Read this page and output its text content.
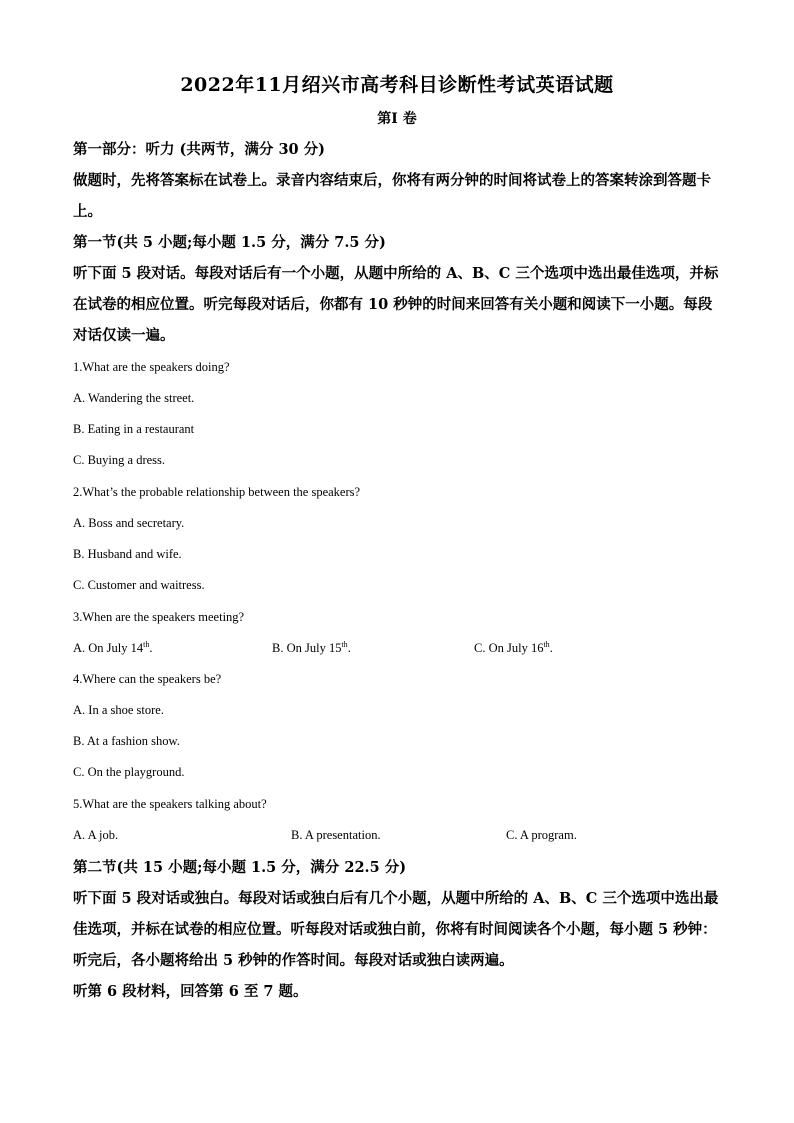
2022年11月绍兴市高考科目诊断性考试英语试题
第I 卷

第一部分：听力 (共两节，满分 30 分)

做题时，先将答案标在试卷上。录音内容结束后，你将有两分钟的时间将试卷上的答案转涂到答题卡上。

第一节(共 5 小题;每小题 1.5 分，满分 7.5 分)

听下面 5 段对话。每段对话后有一个小题，从题中所给的 A、B、C 三个选项中选出最佳选项，并标在试卷的相应位置。听完每段对话后，你都有 10 秒钟的时间来回答有关小题和阅读下一小题。每段对话仅读一遍。

1.What are the speakers doing?

A. Wandering the street.

B. Eating in a restaurant

C. Buying a dress.

2.What’s the probable relationship between the speakers?

A. Boss and secretary.

B. Husband and wife.

C. Customer and waitress.

3.When are the speakers meeting?

A. On July 14th.	B. On July 15th.	C. On July 16th.

4.Where can the speakers be?

A. In a shoe store.

B. At a fashion show.

C. On the playground.

5.What are the speakers talking about?

A. A job.	B. A presentation.	C. A program.

第二节(共 15 小题;每小题 1.5 分，满分 22.5 分)

听下面 5 段对话或独白。每段对话或独白后有几个小题，从题中所给的 A、B、C 三个选项中选出最佳选项，并标在试卷的相应位置。听每段对话或独白前，你将有时间阅读各个小题，每小题 5 秒钟：听完后，各小题将给出 5 秒钟的作答时间。每段对话或独白读两遍。

听第 6 段材料，回答第 6 至 7 题。
